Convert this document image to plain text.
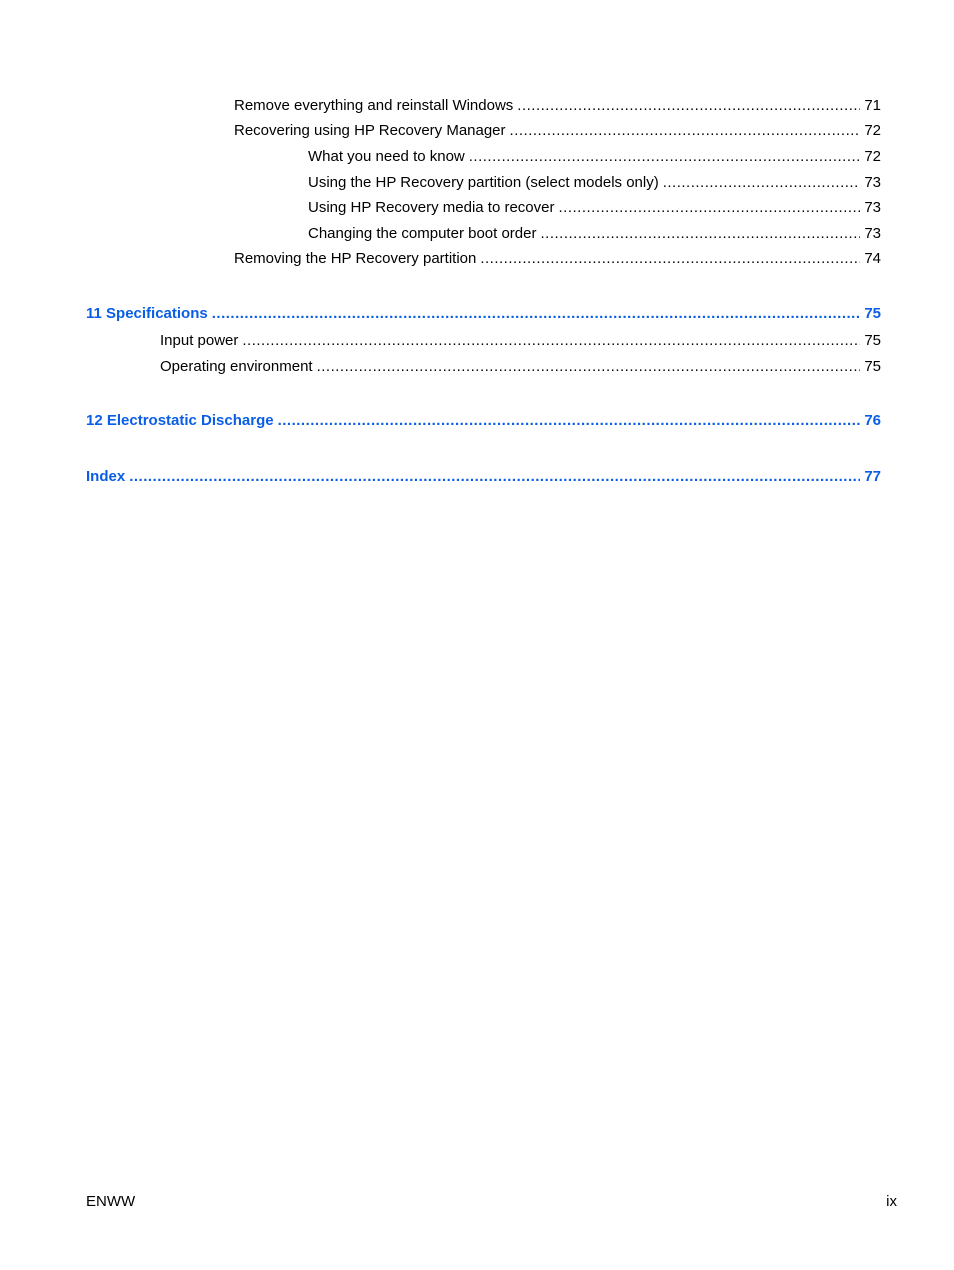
Remove everything and reinstall Windows .....	71
Recovering using HP Recovery Manager .....	72
What you need to know .....	72
Using the HP Recovery partition (select models only) .....	73
Using HP Recovery media to recover .....	73
Changing the computer boot order .....	73
Removing the HP Recovery partition .....	74
11 Specifications .....	75
Input power .....	75
Operating environment .....	75
12 Electrostatic Discharge .....	76
Index .....	77
ENWW	ix
